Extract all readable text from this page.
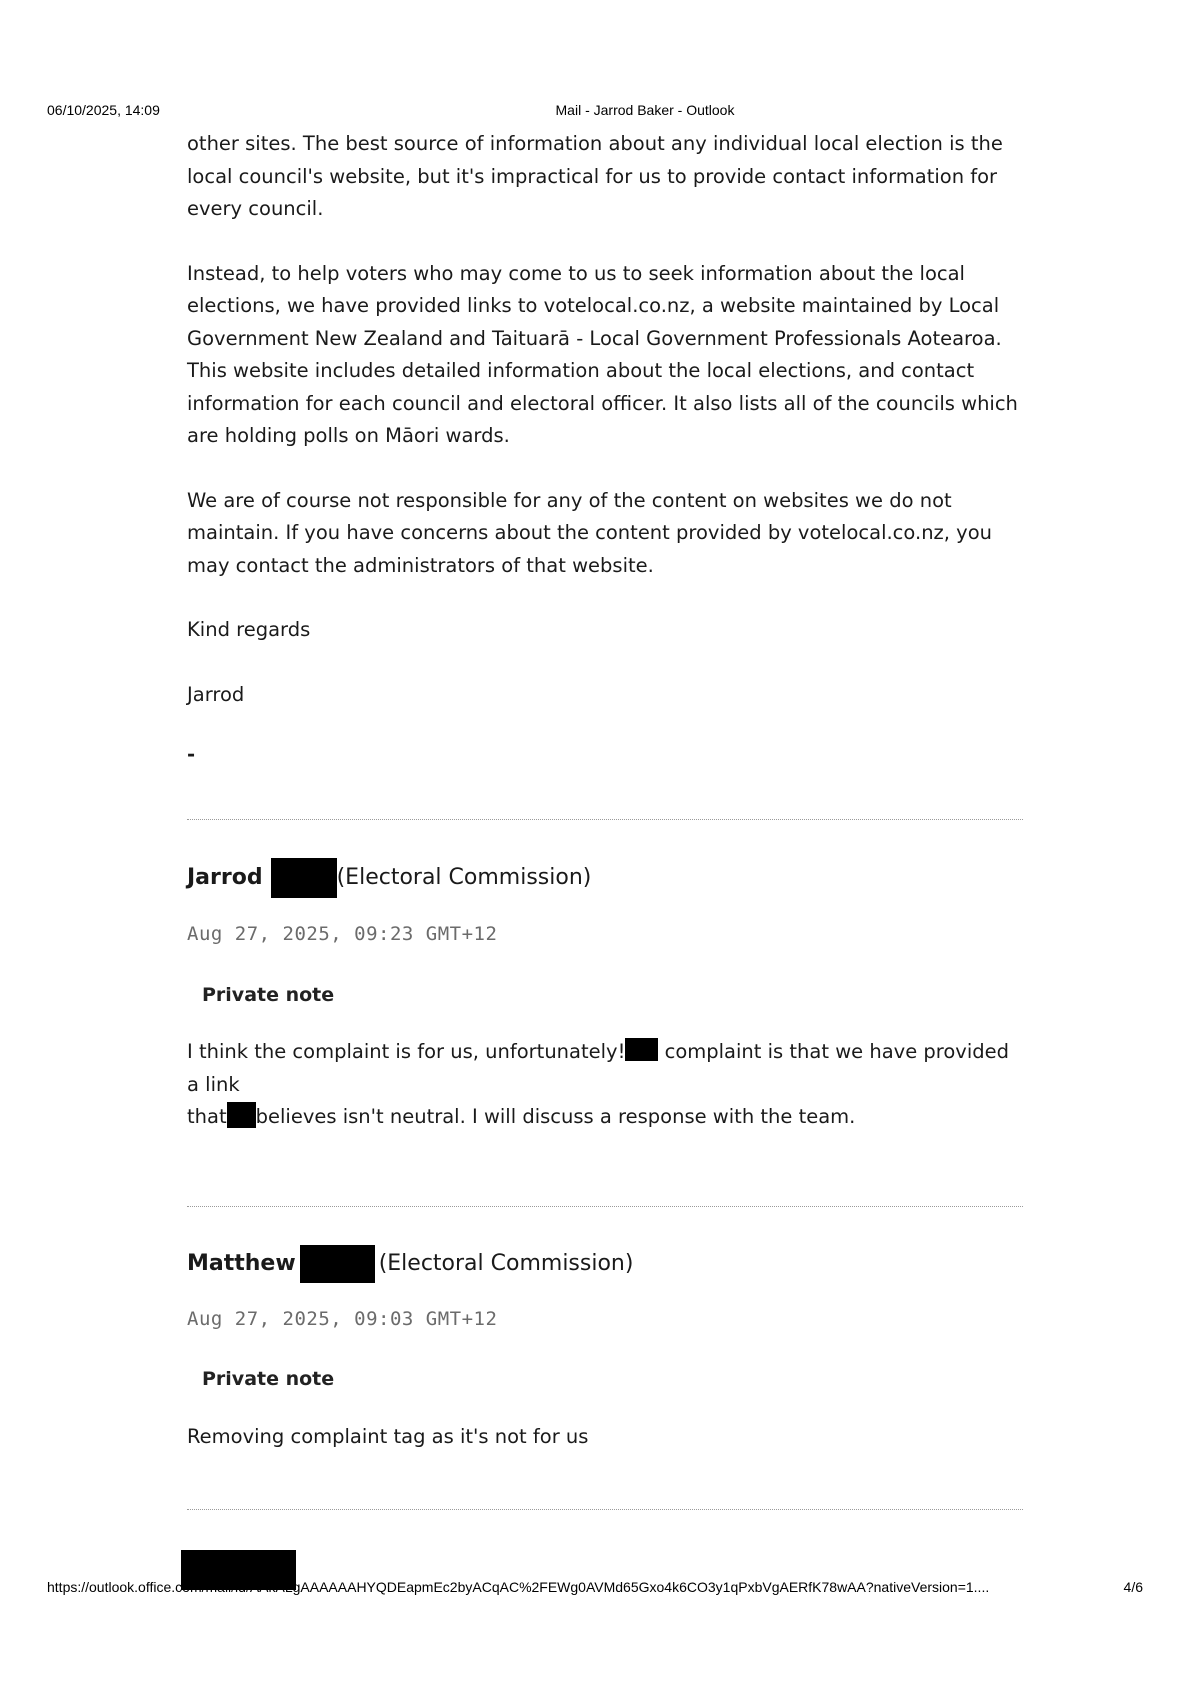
06/10/2025, 14:09	Mail - Jarrod Baker - Outlook

other sites. The best source of information about any individual local election is the local council's website, but it's impractical for us to provide contact information for every council.

Instead, to help voters who may come to us to seek information about the local elections, we have provided links to votelocal.co.nz, a website maintained by Local Government New Zealand and Taituarā - Local Government Professionals Aotearoa. This website includes detailed information about the local elections, and contact information for each council and electoral officer. It also lists all of the councils which are holding polls on Māori wards.

We are of course not responsible for any of the content on websites we do not maintain. If you have concerns about the content provided by votelocal.co.nz, you may contact the administrators of that website.

Kind regards

Jarrod

-
Jarrod	(Electoral Commission)
Aug 27, 2025, 09:23 GMT+12
Private note
I think the complaint is for us, unfortunately! complaint is that we have provided a link
that believes isn't neutral. I will discuss a response with the team.
Matthew	(Electoral Commission)
Aug 27, 2025, 09:03 GMT+12
Private note
Removing complaint tag as it's not for us
https://outlook.office.com/mail/id/AAkALgAAAAAAHYQDEapmEc2byACqAC%2FEWg0AVMd65Gxo4k6CO3y1qPxbVgAERfK78wAA?nativeVersion=1....	4/6
